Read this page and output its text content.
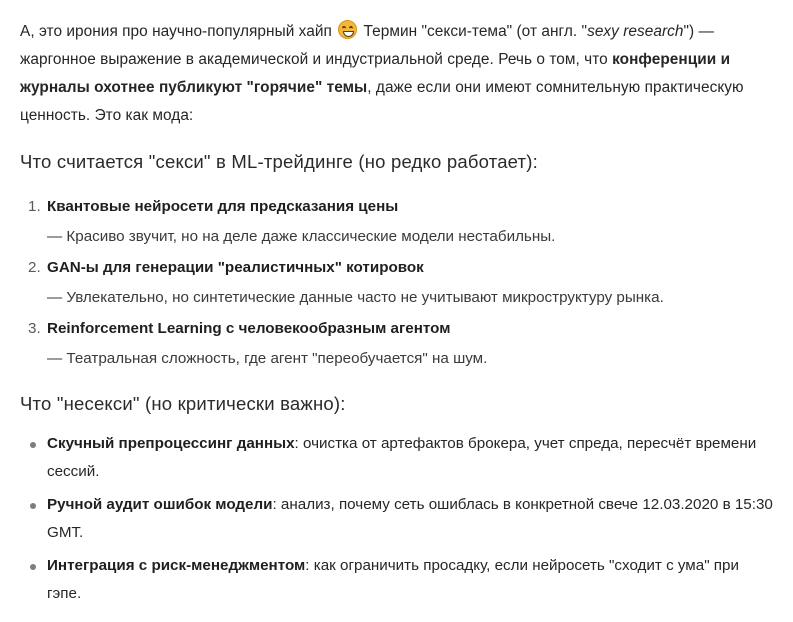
А, это ирония про научно-популярный хайп
Термин "секси-тема" (от англ. "sexy research") — жаргонное выражение в академической и индустриальной среде. Речь о том, что конференции и журналы охотнее публикуют "горячие" темы, даже если они имеют сомнительную практическую ценность. Это как мода:

Что считается "секси" в ML-трейдинге (но редко работает):
1. Квантовые нейросети для предсказания цены
— Красиво звучит, но на деле даже классические модели нестабильны.
2. GAN-ы для генерации "реалистичных" котировок
— Увлекательно, но синтетические данные часто не учитывают микроструктуру рынка.
3. Reinforcement Learning с человекообразным агентом
— Театральная сложность, где агент "переобучается" на шум.
Что "несекси" (но критически важно):
Скучный препроцессинг данных: очистка от артефактов брокера, учет спреда, пересчёт времени сессий.
Ручной аудит ошибок модели: анализ, почему сеть ошиблась в конкретной свече 12.03.2020 в 15:30 GMT.
Интеграция с риск-менеджментом: как ограничить просадку, если нейросеть "сходит с ума" при гэпе.
